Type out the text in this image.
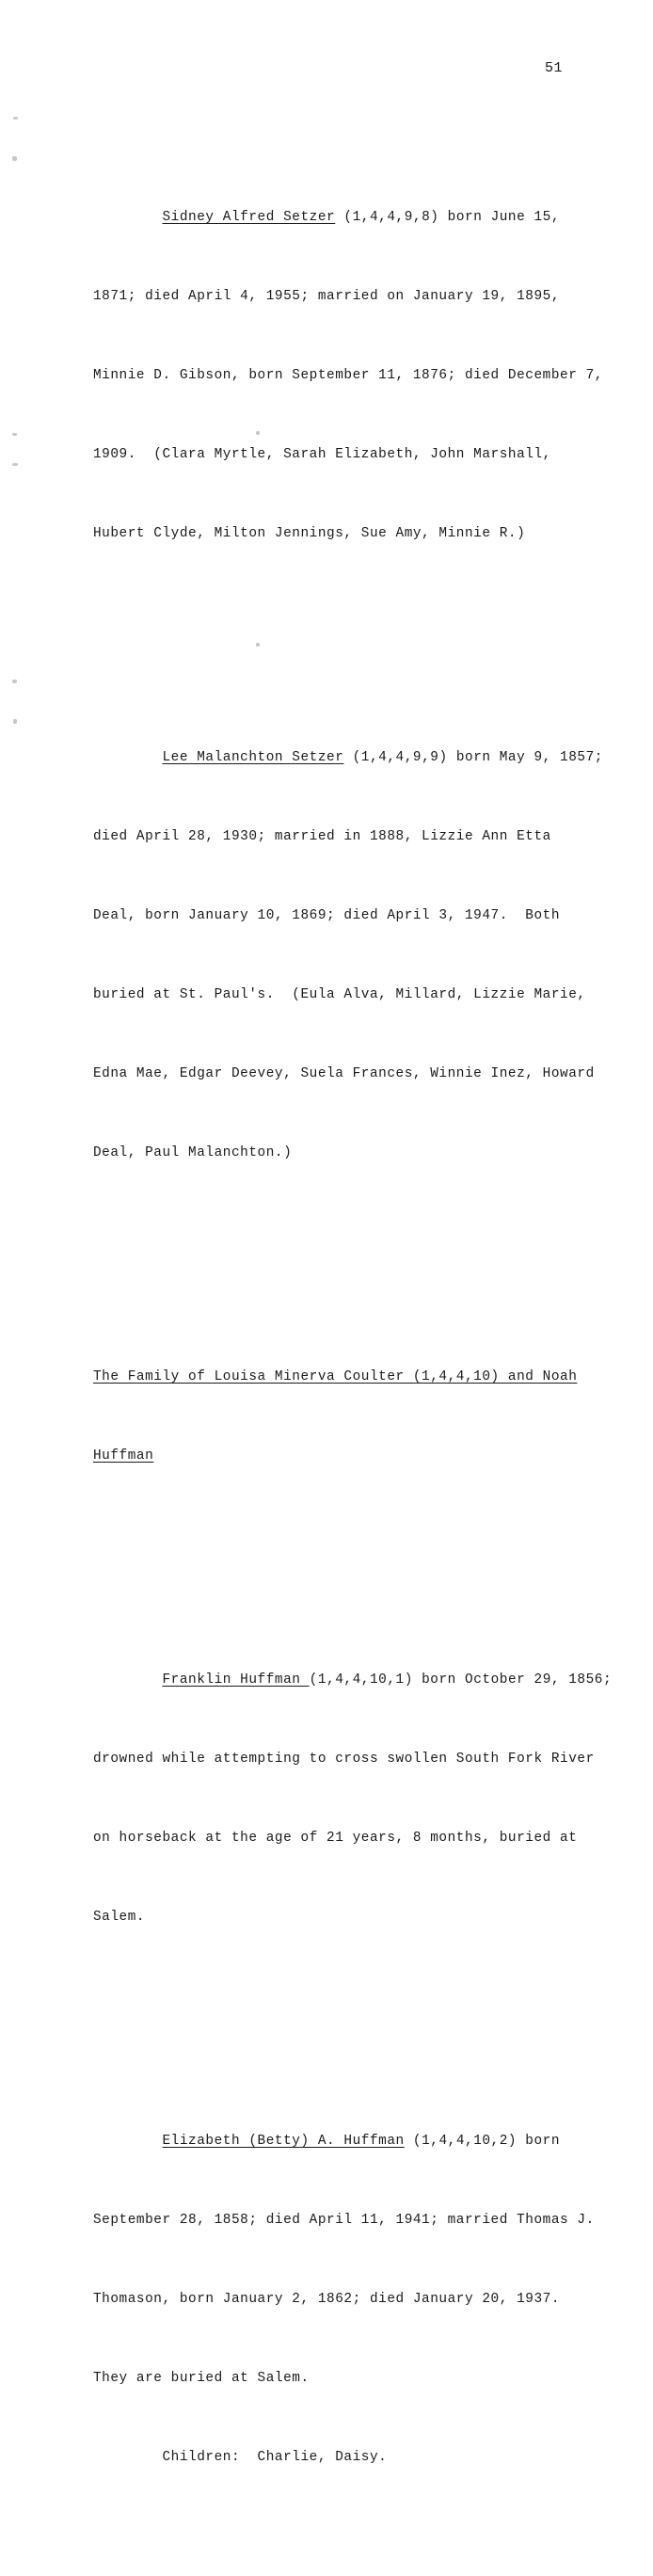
51

Sidney Alfred Setzer (1,4,4,9,8) born June 15,

1871; died April 4, 1955; married on January 19, 1895,

Minnie D. Gibson, born September 11, 1876; died December 7,

1909.  (Clara Myrtle, Sarah Elizabeth, John Marshall,

Hubert Clyde, Milton Jennings, Sue Amy, Minnie R.)

Lee Malanchton Setzer (1,4,4,9,9) born May 9, 1857;

died April 28, 1930; married in 1888, Lizzie Ann Etta

Deal, born January 10, 1869; died April 3, 1947.  Both

buried at St. Paul's.  (Eula Alva, Millard, Lizzie Marie,

Edna Mae, Edgar Deevey, Suela Frances, Winnie Inez, Howard

Deal, Paul Malanchton.)

The Family of Louisa Minerva Coulter (1,4,4,10) and Noah

Huffman

Franklin Huffman (1,4,4,10,1) born October 29, 1856;

drowned while attempting to cross swollen South Fork River

on horseback at the age of 21 years, 8 months, buried at

Salem.

Elizabeth (Betty) A. Huffman (1,4,4,10,2) born

September 28, 1858; died April 11, 1941; married Thomas J.

Thomason, born January 2, 1862; died January 20, 1937.

They are buried at Salem.

Children:  Charlie, Daisy.
